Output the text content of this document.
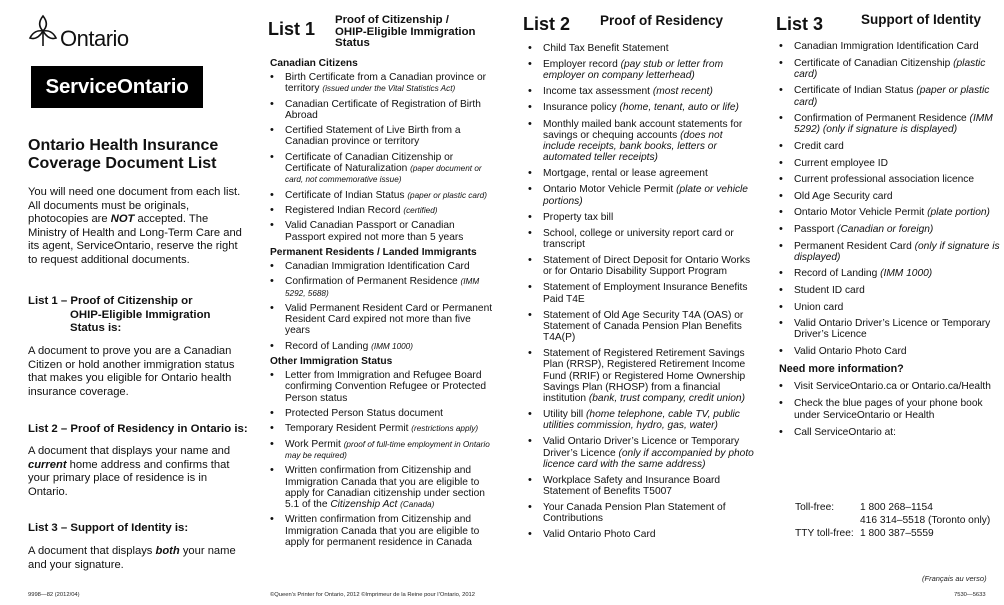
Ontario
ServiceOntario
Ontario Health Insurance
Coverage Document List
You will need one document from each list. All documents must be originals, photocopies are NOT accepted. The Ministry of Health and Long-Term Care and its agent, ServiceOntario, reserve the right to request additional documents.
List 1 – Proof of Citizenship or
OHIP-Eligible Immigration
Status is:
A document to prove you are a Canadian Citizen or hold another immigration status that makes you eligible for Ontario health insurance coverage.
List 2 – Proof of Residency in Ontario is:
A document that displays your name and current home address and confirms that your primary place of residence is in Ontario.
List 3 – Support of Identity is:
A document that displays both your name and your signature.
9998—82 (2012/04)
List 1 Proof of Citizenship /
OHIP-Eligible Immigration
Status
Canadian Citizens
• Birth Certificate from a Canadian province or territory (issued under the Vital Statistics Act)
• Canadian Certificate of Registration of Birth Abroad
• Certified Statement of Live Birth from a Canadian province or territory
• Certificate of Canadian Citizenship or Certificate of Naturalization (paper document or card, not commemorative issue)
• Certificate of Indian Status (paper or plastic card)
• Registered Indian Record (certified)
• Valid Canadian Passport or Canadian Passport expired not more than 5 years
Permanent Residents / Landed Immigrants
• Canadian Immigration Identification Card
• Confirmation of Permanent Residence (IMM 5292, 5688)
• Valid Permanent Resident Card or Permanent Resident Card expired not more than five years
• Record of Landing (IMM 1000)
Other Immigration Status
• Letter from Immigration and Refugee Board confirming Convention Refugee or Protected Person status
• Protected Person Status document
• Temporary Resident Permit (restrictions apply)
• Work Permit (proof of full-time employment in Ontario may be required)
• Written confirmation from Citizenship and Immigration Canada that you are eligible to apply for Canadian citizenship under section 5.1 of the Citizenship Act (Canada)
• Written confirmation from Citizenship and Immigration Canada that you are eligible to apply for permanent residence in Canada
©Queen’s Printer for Ontario, 2012 ©Imprimeur de la Reine pour l’Ontario, 2012
List 2 Proof of Residency
• Child Tax Benefit Statement
• Employer record (pay stub or letter from employer on company letterhead)
• Income tax assessment (most recent)
• Insurance policy (home, tenant, auto or life)
• Monthly mailed bank account statements for savings or chequing accounts (does not include receipts, bank books, letters or automated teller receipts)
• Mortgage, rental or lease agreement
• Ontario Motor Vehicle Permit (plate or vehicle portions)
• Property tax bill
• School, college or university report card or transcript
• Statement of Direct Deposit for Ontario Works or for Ontario Disability Support Program
• Statement of Employment Insurance Benefits Paid T4E
• Statement of Old Age Security T4A (OAS) or Statement of Canada Pension Plan Benefits T4A(P)
• Statement of Registered Retirement Savings Plan (RRSP), Registered Retirement Income Fund (RRIF) or Registered Home Ownership Savings Plan (RHOSP) from a financial institution (bank, trust company, credit union)
• Utility bill (home telephone, cable TV, public utilities commission, hydro, gas, water)
• Valid Ontario Driver’s Licence or Temporary Driver’s Licence (only if accompanied by photo licence card with the same address)
• Workplace Safety and Insurance Board Statement of Benefits T5007
• Your Canada Pension Plan Statement of Contributions
• Valid Ontario Photo Card
List 3	Support of Identity
• Canadian Immigration Identification Card
• Certificate of Canadian Citizenship (plastic card)
• Certificate of Indian Status (paper or plastic card)
• Confirmation of Permanent Residence (IMM 5292) (only if signature is displayed)
• Credit card
• Current employee ID
• Current professional association licence
• Old Age Security card
• Ontario Motor Vehicle Permit (plate portion)
• Passport (Canadian or foreign)
• Permanent Resident Card (only if signature is displayed)
• Record of Landing (IMM 1000)
• Student ID card
• Union card
• Valid Ontario Driver’s Licence or Temporary Driver’s Licence
• Valid Ontario Photo Card
Need more information?
• Visit ServiceOntario.ca or Ontario.ca/Health
• Check the blue pages of your phone book under ServiceOntario or Health
• Call ServiceOntario at:
Toll-free:	1 800 268–1154
416 314–5518 (Toronto only)
TTY toll-free: 1 800 387–5559
(Français au verso)
7530—5633
